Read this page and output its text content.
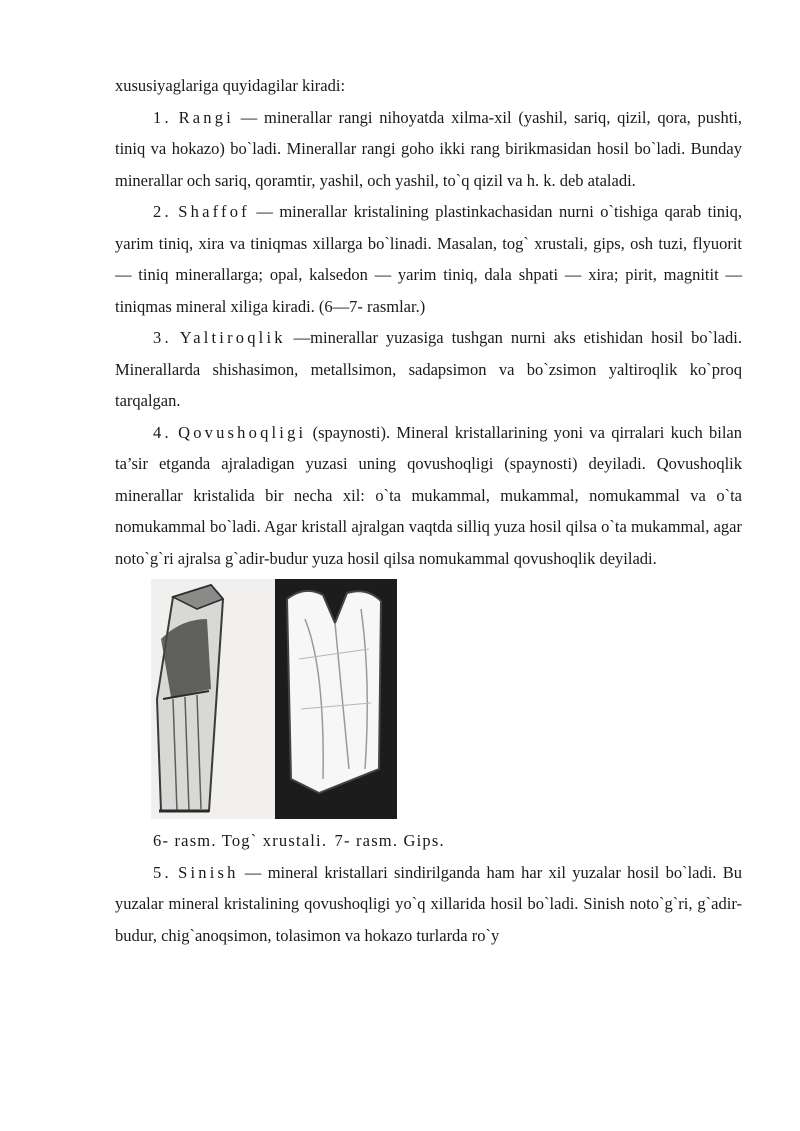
xususiyaglariga quyidagilar kiradi:

1. Rangi — minerallar rangi nihoyatda xilma-xil (yashil, sariq, qizil, qora, pushti, tiniq va hokazo) bo`ladi. Minerallar rangi goho ikki rang birikmasidan hosil bo`ladi. Bunday minerallar och sariq, qoramtir, yashil, och yashil, to`q qizil va h. k. deb ataladi.

2. Shaffof — minerallar kristalining plastinkachasidan nurni o`tishiga qarab tiniq, yarim tiniq, xira va tiniqmas xillarga bo`linadi. Masalan, tog` xrustali, gips, osh tuzi, flyuorit— tiniq minerallarga; opal, kalsedon — yarim tiniq, dala shpati — xira; pirit, magnitit —tiniqmas mineral xiliga kiradi. (6—7- rasmlar.)

3. Yaltiroqlik —minerallar yuzasiga tushgan nurni aks etishidan hosil bo`ladi. Minerallarda shishasimon, metallsimon, sadapsimon va bo`zsimon yaltiroqlik ko`proq tarqalgan.

4. Qovushoqligi (spaynosti). Mineral kristallarining yoni va qirralari kuch bilan ta’sir etganda ajraladigan yuzasi uning qovushoqligi (spaynosti) deyiladi. Qovushoqlik minerallar kristalida bir necha xil: o`ta mukammal, mukammal, nomukammal va o`ta nomukammal bo`ladi. Agar kristall ajralgan vaqtda silliq yuza hosil qilsa o`ta mukammal, agar noto`g`ri ajralsa g`adir-budur yuza hosil qilsa nomukammal qovushoqlik deyiladi.

6- rasm. Tog` xrustali. 7- rasm. Gips.

5. Sinish — mineral kristallari sindirilganda ham har xil yuzalar hosil bo`ladi. Bu yuzalar mineral kristalining qovushoqligi yo`q xillarida hosil bo`ladi. Sinish noto`g`ri, g`adir-budur, chig`anoqsimon, tolasimon va hokazo turlarda ro`y
